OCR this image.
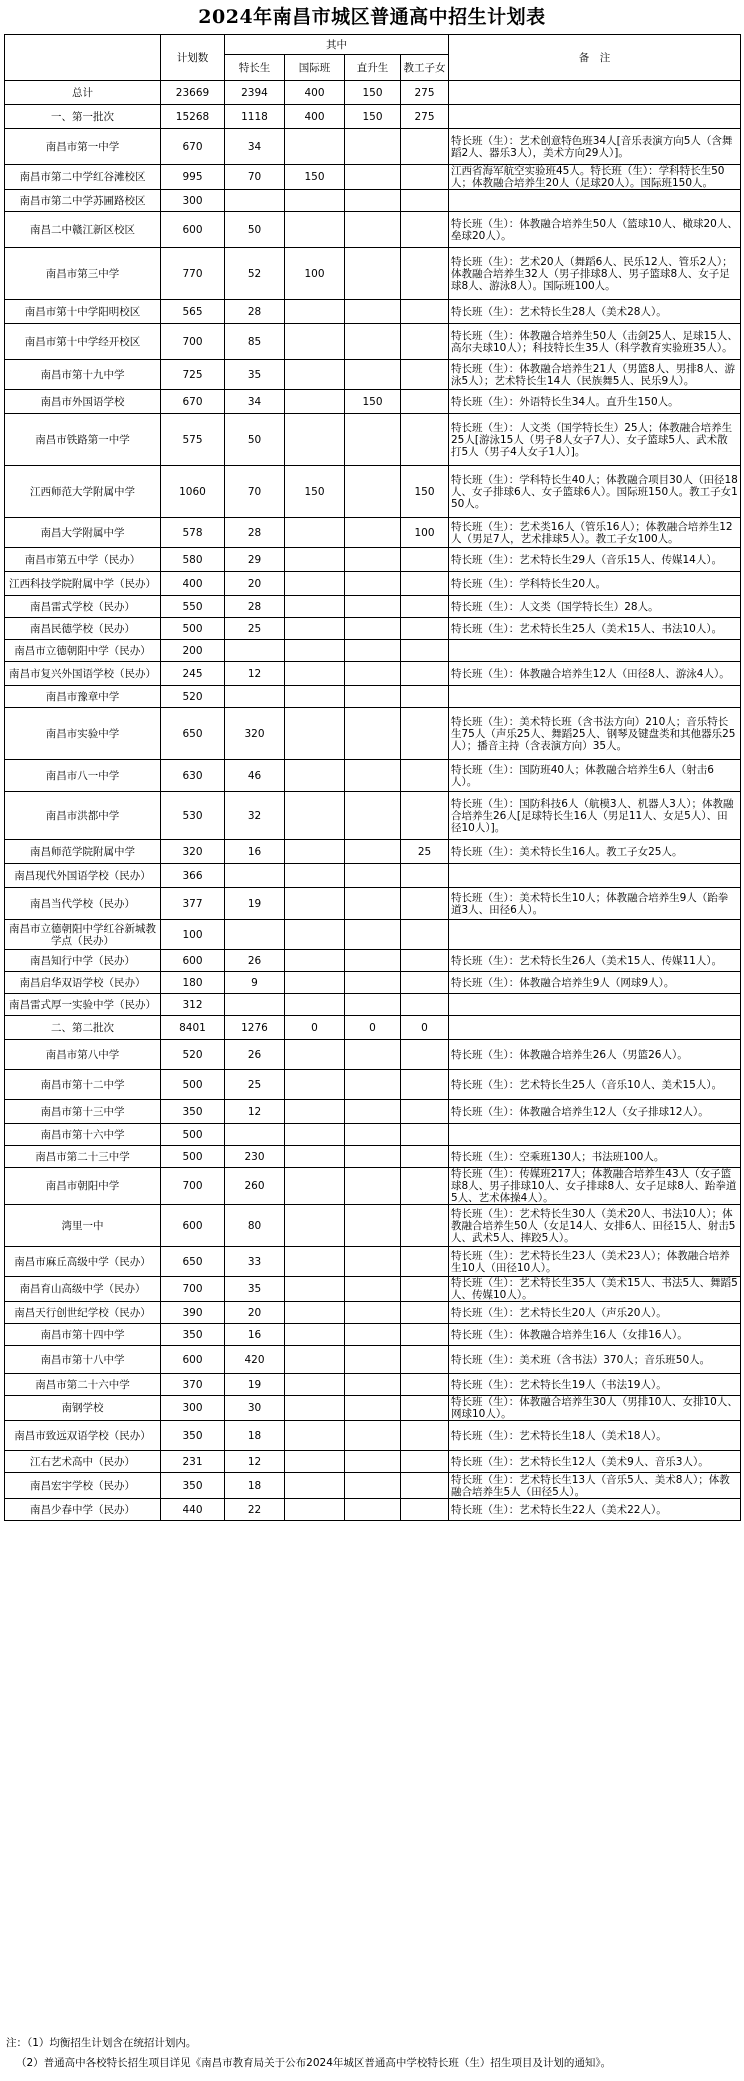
2024年南昌市城区普通高中招生计划表
	计划数	其中				备　注
		特长生	国际班	直升生	教工子女	
总计	23669	2394	400	150	275	
一、第一批次	15268	1118	400	150	275	
南昌市第一中学	670	34				特长班（生）：艺术创意特色班34人[音乐表演方向5人（含舞蹈2人、器乐3人），美术方向29人）]。
南昌市第二中学红谷滩校区	995	70	150			江西省海军航空实验班45人。特长班（生）：学科特长生50人；体教融合培养生20人（足球20人）。国际班150人。
南昌市第二中学苏圃路校区	300					
南昌二中赣江新区校区	600	50				特长班（生）：体教融合培养生50人（篮球10人、橄球20人、垒球20人）。
南昌市第三中学	770	52	100			特长班（生）：艺术20人（舞蹈6人、民乐12人、管乐2人）；体教融合培养生32人（男子排球8人、男子篮球8人、女子足球8人、游泳8人）。国际班100人。
南昌市第十中学阳明校区	565	28				特长班（生）：艺术特长生28人（美术28人）。
南昌市第十中学经开校区	700	85				特长班（生）：体教融合培养生50人（击剑25人、足球15人、高尔夫球10人）；科技特长生35人（科学教育实验班35人）。
南昌市第十九中学	725	35				特长班（生）：体教融合培养生21人（男篮8人、男排8人、游泳5人）；艺术特长生14人（民族舞5人、民乐9人）。
南昌市外国语学校	670	34		150		特长班（生）：外语特长生34人。直升生150人。
南昌市铁路第一中学	575	50				特长班（生）：人文类（国学特长生）25人；体教融合培养生25人[游泳15人（男子8人女子7人）、女子篮球5人、武术散打5人（男子4人女子1人）]。
江西师范大学附属中学	1060	70	150		150	特长班（生）：学科特长生40人；体教融合项目30人（田径18人、女子排球6人、女子篮球6人）。国际班150人。教工子女150人。
南昌大学附属中学	578	28			100	特长班（生）：艺术类16人（管乐16人）；体教融合培养生12人（男足7人，艺术排球5人）。教工子女100人。
南昌市第五中学（民办）	580	29				特长班（生）：艺术特长生29人（音乐15人、传媒14人）。
江西科技学院附属中学（民办）	400	20				特长班（生）：学科特长生20人。
南昌雷式学校（民办）	550	28				特长班（生）：人文类（国学特长生）28人。
南昌民德学校（民办）	500	25				特长班（生）：艺术特长生25人（美术15人、书法10人）。
南昌市立德朝阳中学（民办）	200					
南昌市复兴外国语学校（民办）	245	12				特长班（生）：体教融合培养生12人（田径8人、游泳4人）。
南昌市豫章中学	520					
南昌市实验中学	650	320				特长班（生）：美术特长班（含书法方向）210人；音乐特长生75人（声乐25人、舞蹈25人、钢琴及键盘类和其他器乐25人）；播音主持（含表演方向）35人。
南昌市八一中学	630	46				特长班（生）：国防班40人；体教融合培养生6人（射击6人）。
南昌市洪都中学	530	32				特长班（生）：国防科技6人（航模3人、机器人3人）；体教融合培养生26人[足球特长生16人（男足11人、女足5人）、田径10人）]。
南昌师范学院附属中学	320	16			25	特长班（生）：美术特长生16人。教工子女25人。
南昌现代外国语学校（民办）	366					
南昌当代学校（民办）	377	19				特长班（生）：美术特长生10人；体教融合培养生9人（跆拳道3人、田径6人）。
南昌市立德朝阳中学红谷新城教学点（民办）	100					
南昌知行中学（民办）	600	26				特长班（生）：艺术特长生26人（美术15人、传媒11人）。
南昌启华双语学校（民办）	180	9				特长班（生）：体教融合培养生9人（网球9人）。
南昌雷式厚一实验中学（民办）	312					
二、第二批次	8401	1276	0	0	0	
南昌市第八中学	520	26				特长班（生）：体教融合培养生26人（男篮26人）。
南昌市第十二中学	500	25				特长班（生）：艺术特长生25人（音乐10人、美术15人）。
南昌市第十三中学	350	12				特长班（生）：体教融合培养生12人（女子排球12人）。
南昌市第十六中学	500					
南昌市第二十三中学	500	230				特长班（生）：空乘班130人；书法班100人。
南昌市朝阳中学	700	260				特长班（生）：传媒班217人；体教融合培养生43人（女子篮球8人、男子排球10人、女子排球8人、女子足球8人、跆拳道5人、艺术体操4人）。
湾里一中	600	80				特长班（生）：艺术特长生30人（美术20人、书法10人）；体教融合培养生50人（女足14人、女排6人、田径15人、射击5人、武术5人、摔跤5人）。
南昌市麻丘高级中学（民办）	650	33				特长班（生）：艺术特长生23人（美术23人）；体教融合培养生10人（田径10人）。
南昌育山高级中学（民办）	700	35				特长班（生）：艺术特长生35人（美术15人、书法5人、舞蹈5人、传媒10人）。
南昌天行创世纪学校（民办）	390	20				特长班（生）：艺术特长生20人（声乐20人）。
南昌市第十四中学	350	16				特长班（生）：体教融合培养生16人（女排16人）。
南昌市第十八中学	600	420				特长班（生）：美术班（含书法）370人；音乐班50人。
南昌市第二十六中学	370	19				特长班（生）：艺术特长生19人（书法19人）。
南钢学校	300	30				特长班（生）：体教融合培养生30人（男排10人、女排10人、网球10人）。
南昌市致远双语学校（民办）	350	18				特长班（生）：艺术特长生18人（美术18人）。
江右艺术高中（民办）	231	12				特长班（生）：艺术特长生12人（美术9人、音乐3人）。
南昌宏宇学校（民办）	350	18				特长班（生）：艺术特长生13人（音乐5人、美术8人）；体教融合培养生5人（田径5人）。
南昌少春中学（民办）	440	22				特长班（生）：艺术特长生22人（美术22人）。
注：（1）均衡招生计划含在统招计划内。
（2）普通高中各校特长招生项目详见《南昌市教育局关于公布2024年城区普通高中学校特长班（生）招生项目及计划的通知》。
